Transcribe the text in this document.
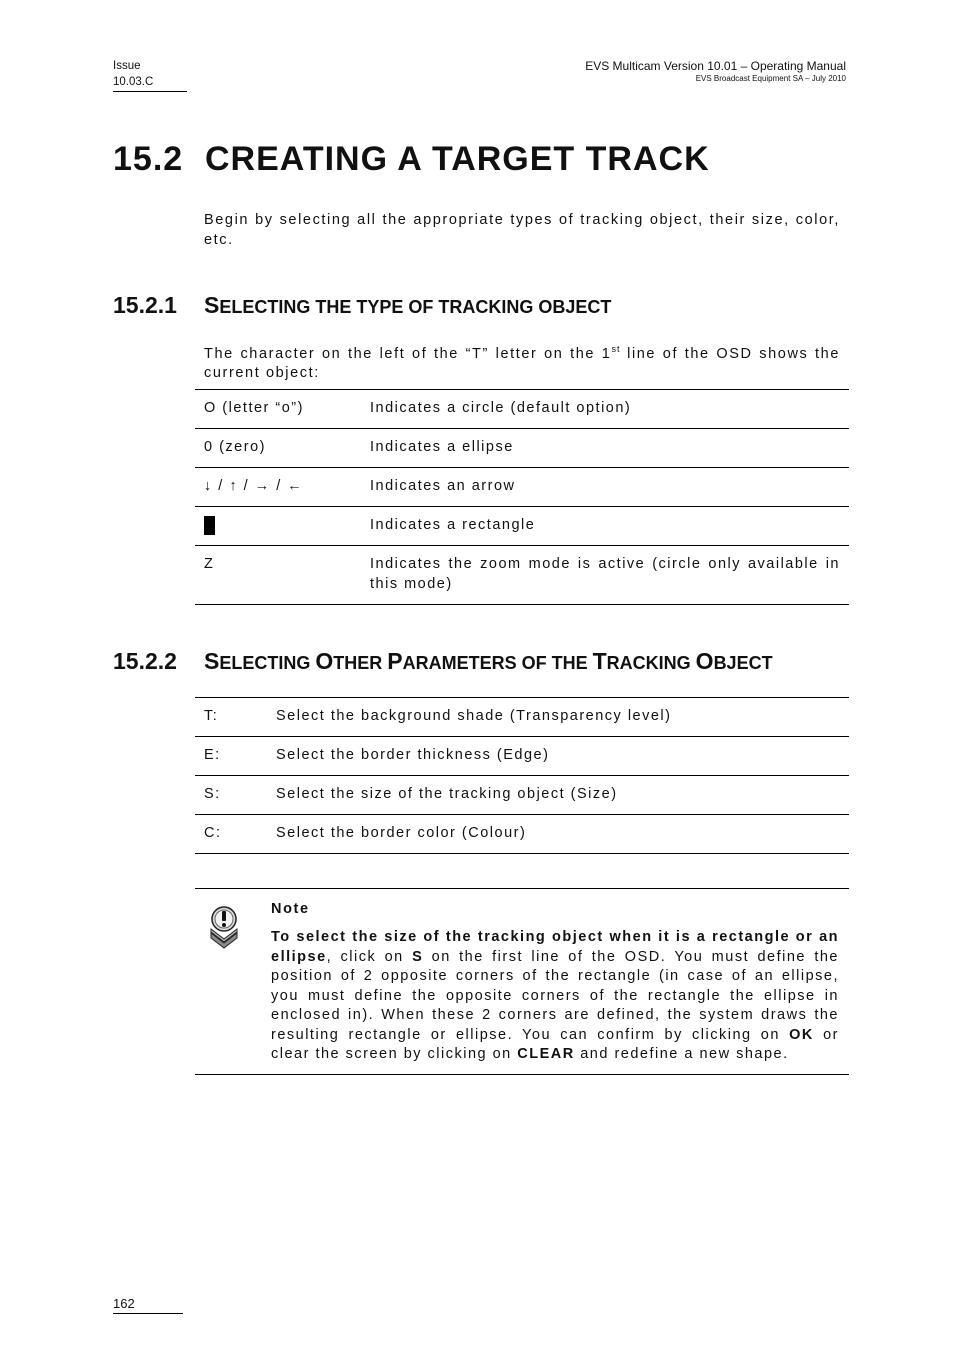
Issue
10.03.C
EVS Multicam Version 10.01 – Operating Manual
EVS Broadcast Equipment SA – July 2010
15.2 CREATING A TARGET TRACK

Begin by selecting all the appropriate types of tracking object, their size, color, etc.

15.2.1 SELECTING THE TYPE OF TRACKING OBJECT

The character on the left of the “T” letter on the 1st line of the OSD shows the current object:

O (letter “o”)	Indicates a circle (default option)
0 (zero)	Indicates a ellipse
↓ / ↑ / → / ←	Indicates an arrow
	Indicates a rectangle
Z	Indicates the zoom mode is active (circle only available in this mode)
15.2.2 SELECTING OTHER PARAMETERS OF THE TRACKING OBJECT
T:	Select the background shade (Transparency level)
E:	Select the border thickness (Edge)
S:	Select the size of the tracking object (Size)
C:	Select the border color (Colour)
Note

To select the size of the tracking object when it is a rectangle or an ellipse, click on S on the first line of the OSD. You must define the position of 2 opposite corners of the rectangle (in case of an ellipse, you must define the opposite corners of the rectangle the ellipse in enclosed in). When these 2 corners are defined, the system draws the resulting rectangle or ellipse. You can confirm by clicking on OK or clear the screen by clicking on CLEAR and redefine a new shape.

162
